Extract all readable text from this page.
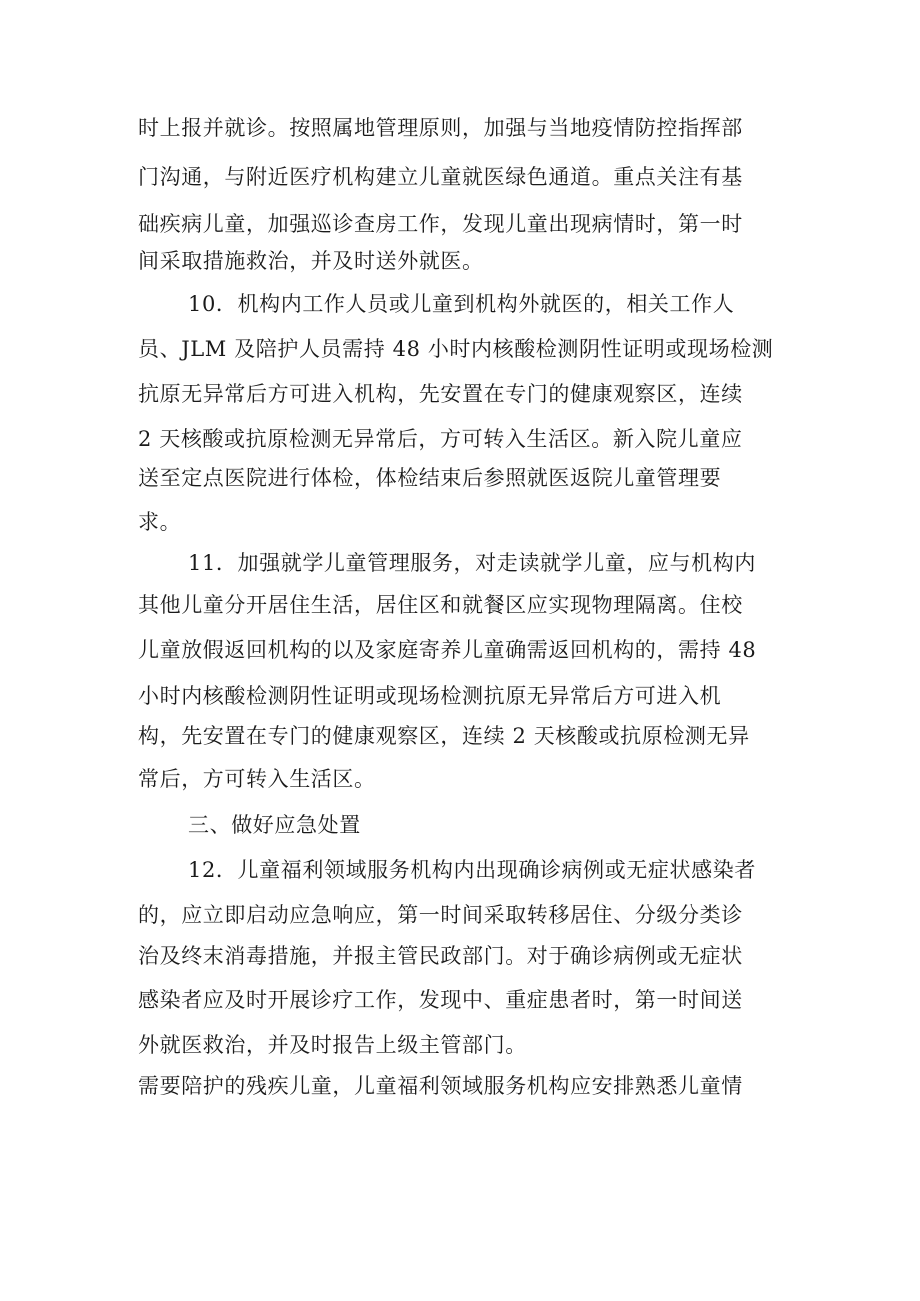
时上报并就诊。按照属地管理原则，加强与当地疫情防控指挥部
门沟通，与附近医疗机构建立儿童就医绿色通道。重点关注有基
础疾病儿童，加强巡诊查房工作，发现儿童出现病情时，第一时
间采取措施救治，并及时送外就医。
10．机构内工作人员或儿童到机构外就医的，相关工作人
员、JLM 及陪护人员需持 48 小时内核酸检测阴性证明或现场检测
抗原无异常后方可进入机构，先安置在专门的健康观察区，连续
2 天核酸或抗原检测无异常后，方可转入生活区。新入院儿童应
送至定点医院进行体检，体检结束后参照就医返院儿童管理要
求。
11．加强就学儿童管理服务，对走读就学儿童，应与机构内
其他儿童分开居住生活，居住区和就餐区应实现物理隔离。住校
儿童放假返回机构的以及家庭寄养儿童确需返回机构的，需持 48
小时内核酸检测阴性证明或现场检测抗原无异常后方可进入机
构，先安置在专门的健康观察区，连续 2 天核酸或抗原检测无异
常后，方可转入生活区。
三、做好应急处置
12．儿童福利领域服务机构内出现确诊病例或无症状感染者
的，应立即启动应急响应，第一时间采取转移居住、分级分类诊
治及终末消毒措施，并报主管民政部门。对于确诊病例或无症状
感染者应及时开展诊疗工作，发现中、重症患者时，第一时间送
外就医救治，并及时报告上级主管部门。
需要陪护的残疾儿童，儿童福利领域服务机构应安排熟悉儿童情
